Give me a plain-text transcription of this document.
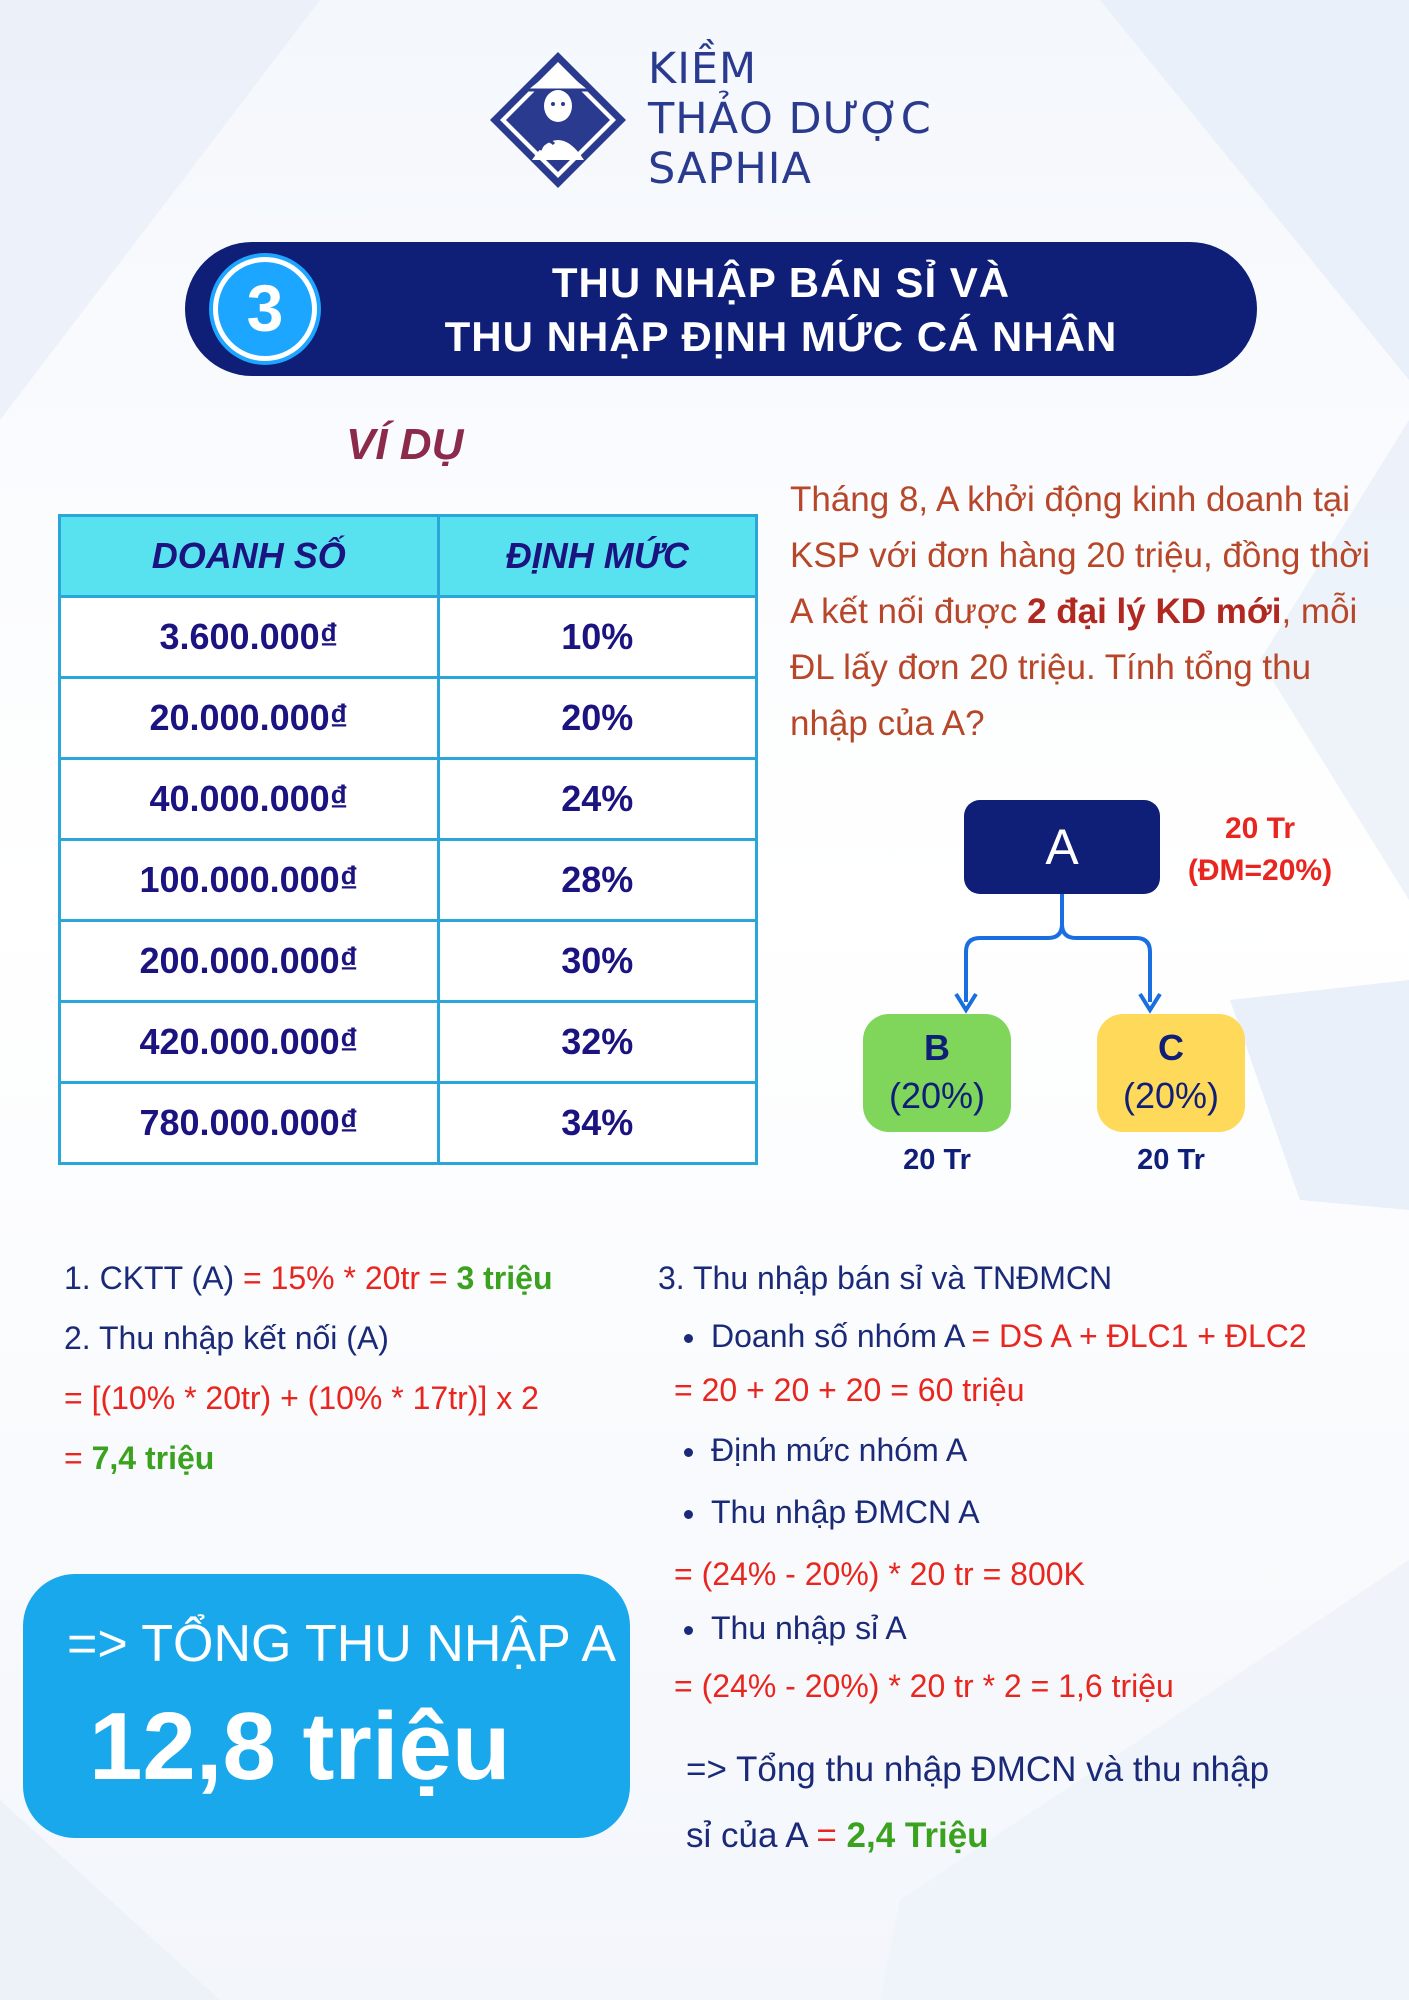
KIỀM
THẢO DƯỢC
SAPHIA
3	THU NHẬP BÁN SỈ VÀ
THU NHẬP ĐỊNH MỨC CÁ NHÂN
VÍ DỤ
DOANH SỐ	ĐỊNH MỨC
3.600.000₫	10%
20.000.000₫	20%
40.000.000₫	24%
100.000.000₫	28%
200.000.000₫	30%
420.000.000₫	32%
780.000.000₫	34%
Tháng 8, A khởi động kinh doanh tại KSP với đơn hàng 20 triệu, đồng thời A kết nối được 2 đại lý KD mới, mỗi ĐL lấy đơn 20 triệu. Tính tổng thu nhập của A?
A	20 Tr
(ĐM=20%)
B
(20%)
20 Tr
C
(20%)
20 Tr
1. CKTT (A) = 15% * 20tr = 3 triệu
2. Thu nhập kết nối (A)
= [(10% * 20tr) + (10% * 17tr)] x 2
= 7,4 triệu
=> TỔNG THU NHẬP A
12,8 triệu
3. Thu nhập bán sỉ và TNĐMCN
Doanh số nhóm A = DS A + ĐLC1 + ĐLC2
= 20 + 20 + 20 = 60 triệu
Định mức nhóm A
Thu nhập ĐMCN A
= (24% - 20%) * 20 tr = 800K
Thu nhập sỉ A
= (24% - 20%) * 20 tr * 2 = 1,6 triệu
=> Tổng thu nhập ĐMCN và thu nhập
sỉ của A = 2,4 Triệu
